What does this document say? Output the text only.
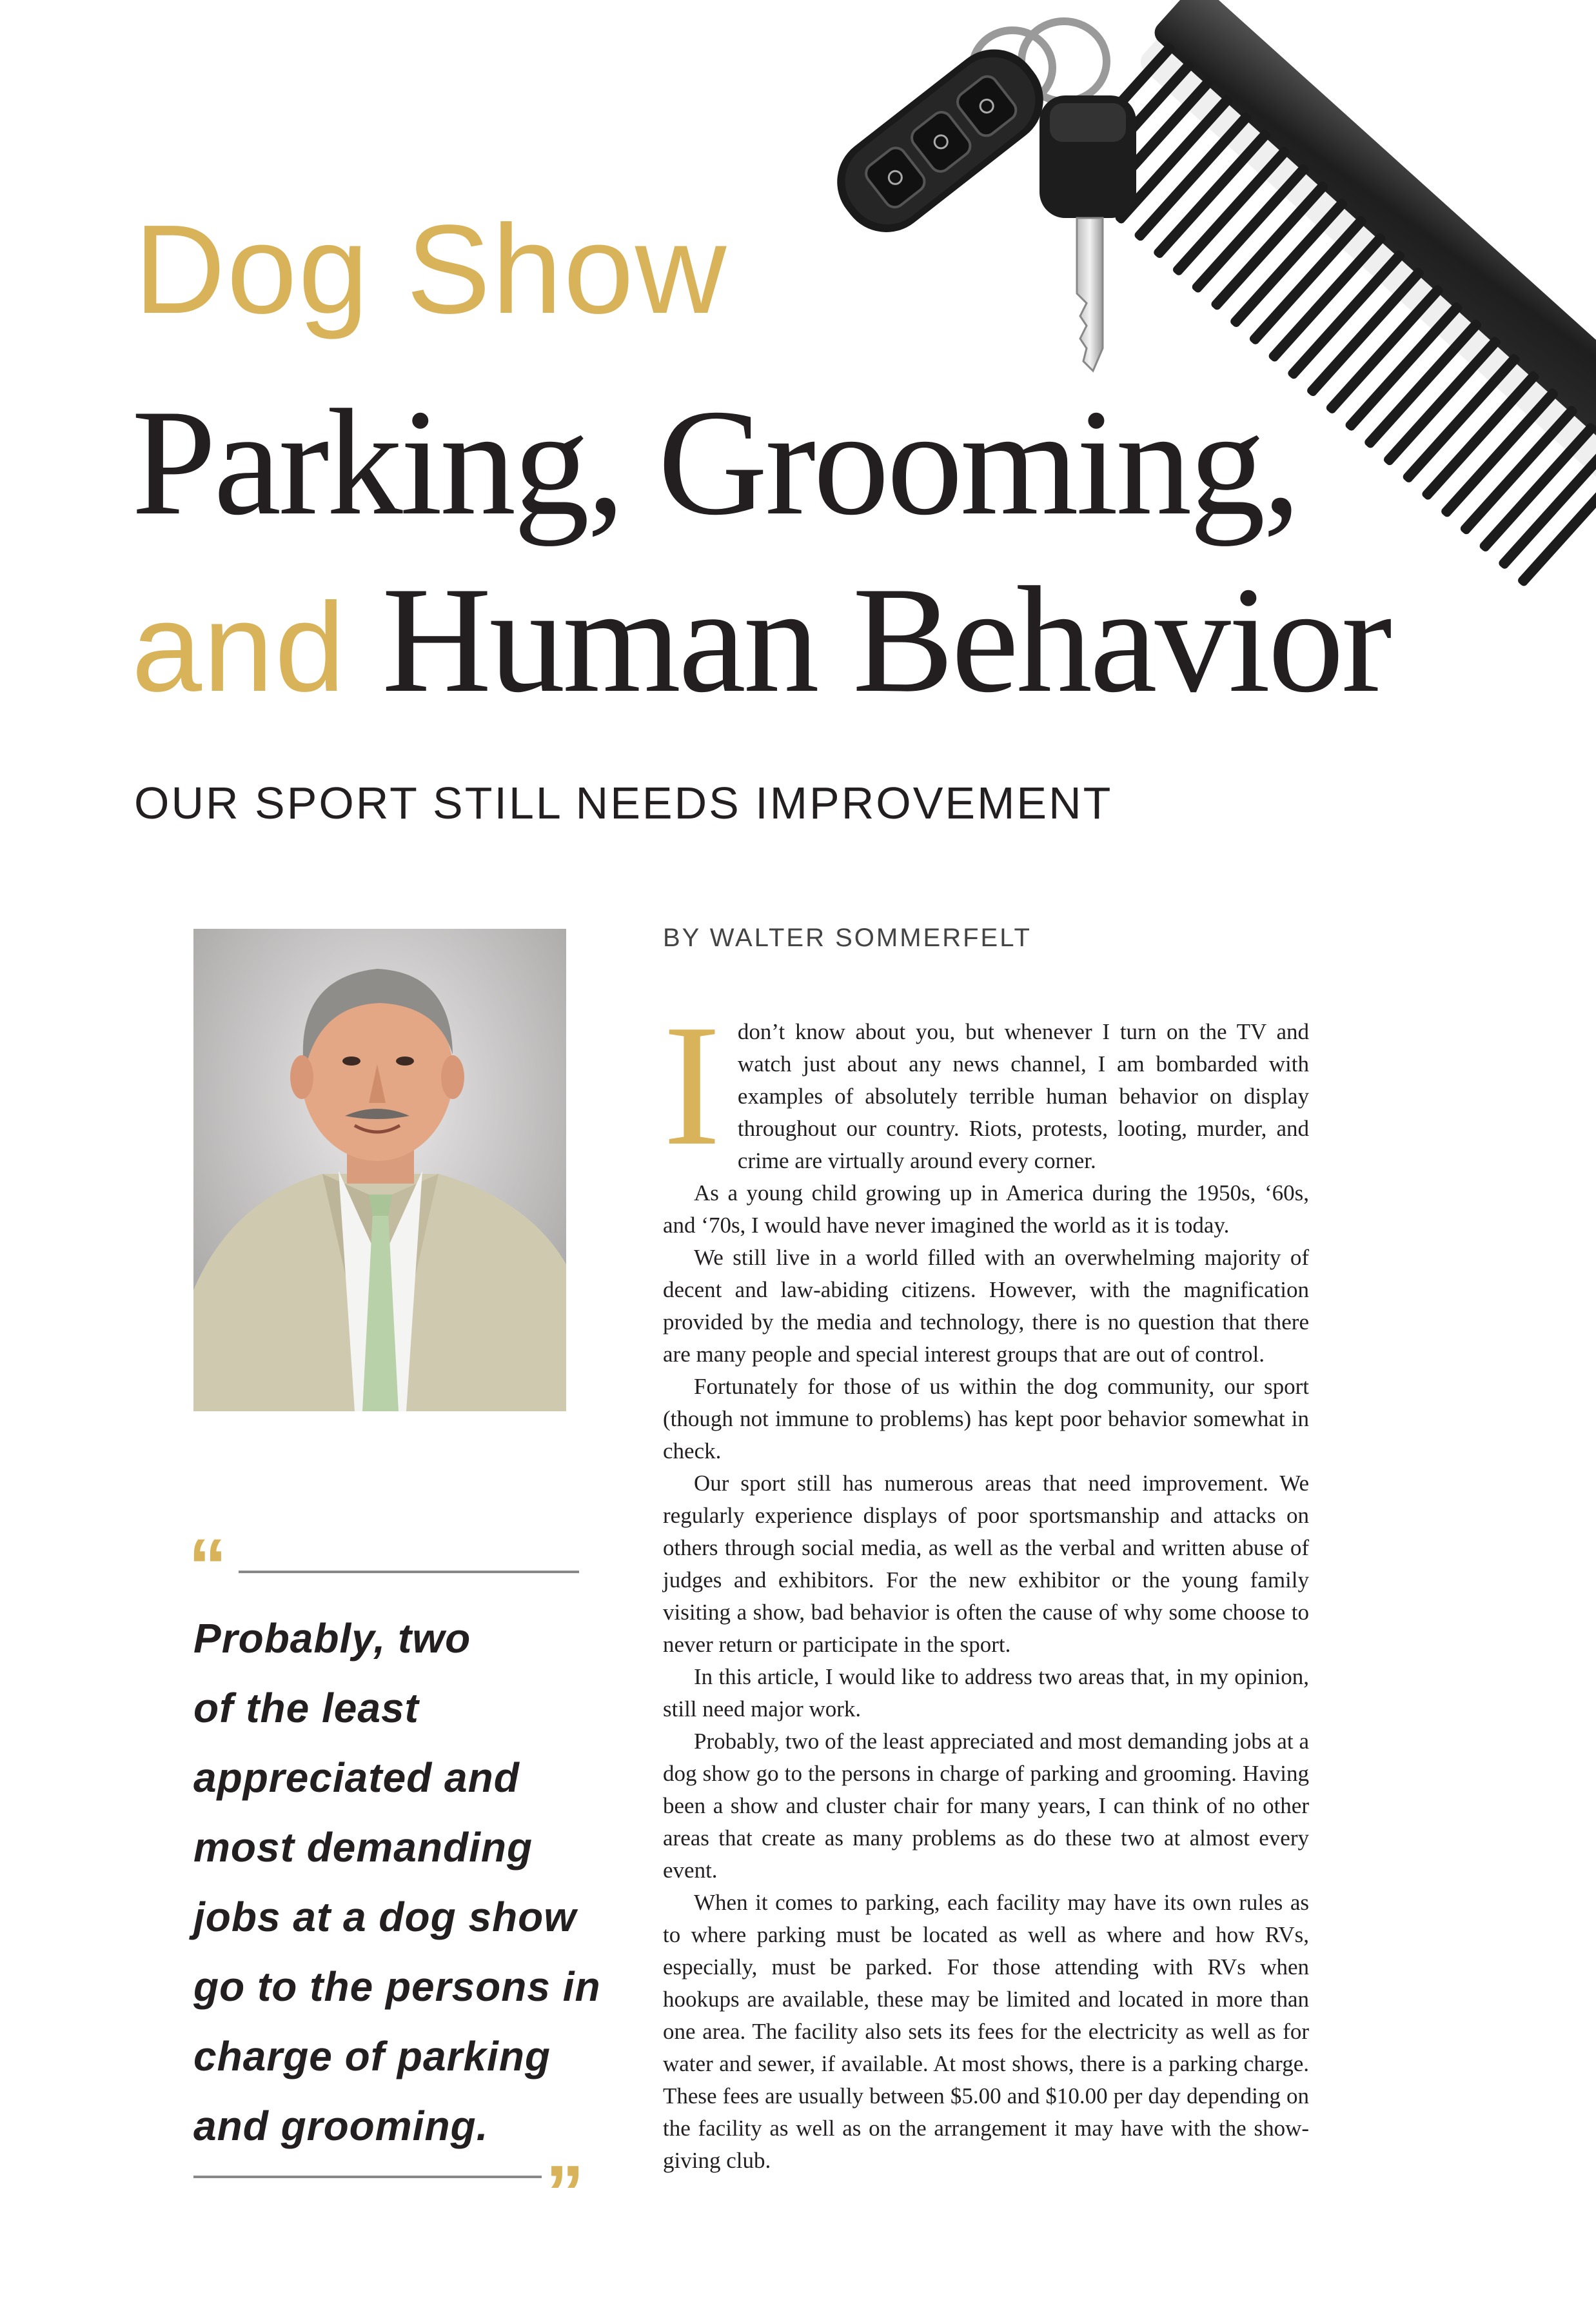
Dog Show
Parking, Grooming,
and Human Behavior
OUR SPORT STILL NEEDS IMPROVEMENT
BY WALTER SOMMERFELT
“
Probably, two
of the least
appreciated and
most demanding
jobs at a dog show
go to the persons in
charge of parking
and grooming.
”

Idon’t know about you, but whenever I turn on the TV and watch just about any news channel, I am bombarded with examples of absolutely terrible human behavior on display throughout our country. Riots, protests, looting, murder, and crime are virtually around every corner.

As a young child growing up in America during the 1950s, ‘60s, and ‘70s, I would have never imagined the world as it is today.

We still live in a world filled with an overwhelming majority of decent and law-abiding citizens. However, with the magnification provided by the media and technology, there is no question that there are many people and special interest groups that are out of control.

Fortunately for those of us within the dog community, our sport (though not immune to problems) has kept poor behavior somewhat in check.

Our sport still has numerous areas that need improvement. We regularly experience displays of poor sportsmanship and attacks on others through social media, as well as the verbal and written abuse of judges and exhibitors. For the new exhibitor or the young family visiting a show, bad behavior is often the cause of why some choose to never return or participate in the sport.

In this article, I would like to address two areas that, in my opinion, still need major work.

Probably, two of the least appreciated and most demanding jobs at a dog show go to the persons in charge of parking and grooming. Having been a show and cluster chair for many years, I can think of no other areas that create as many problems as do these two at almost every event.

When it comes to parking, each facility may have its own rules as to where parking must be located as well as where and how RVs, especially, must be parked. For those attending with RVs when hookups are available, these may be limited and located in more than one area. The facility also sets its fees for the electricity as well as for water and sewer, if available. At most shows, there is a parking charge. These fees are usually between $5.00 and $10.00 per day depending on the facility as well as on the arrangement it may have with the show-giving club.
